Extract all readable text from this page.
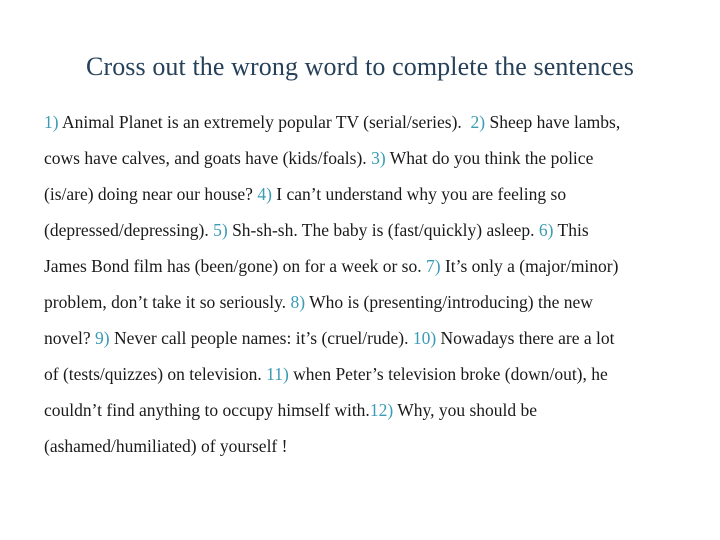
Cross out the wrong word to complete the sentences
1) Animal Planet is an extremely popular TV (serial/series).  2) Sheep have lambs,
cows have calves, and goats have (kids/foals). 3) What do you think the police
(is/are) doing near our house? 4) I can’t understand why you are feeling so
(depressed/depressing). 5) Sh-sh-sh. The baby is (fast/quickly) asleep. 6) This
James Bond film has (been/gone) on for a week or so. 7) It’s only a (major/minor)
problem, don’t take it so seriously. 8) Who is (presenting/introducing) the new
novel? 9) Never call people names: it’s (cruel/rude). 10) Nowadays there are a lot
of (tests/quizzes) on television. 11) when Peter’s television broke (down/out), he
couldn’t find anything to occupy himself with.12) Why, you should be
(ashamed/humiliated) of yourself !
